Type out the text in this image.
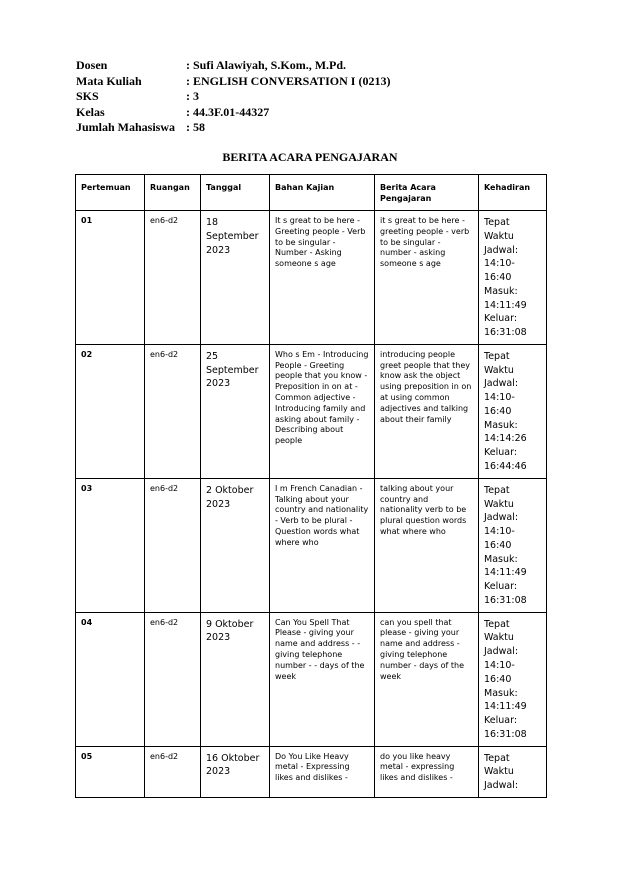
Dosen	: Sufi Alawiyah, S.Kom., M.Pd.
Mata Kuliah	: ENGLISH CONVERSATION I (0213)
SKS	: 3
Kelas	: 44.3F.01-44327
Jumlah Mahasiswa : 58
BERITA ACARA PENGAJARAN
Pertemuan	Ruangan	Tanggal	Bahan Kajian	Berita Acara Pengajaran	Kehadiran
01	en6-d2	18 September 2023	It s great to be here - Greeting people - Verb to be singular - Number - Asking someone s age	it s great to be here - greeting people - verb to be singular - number - asking someone s age	Tepat Waktu Jadwal: 14:10-16:40 Masuk: 14:11:49 Keluar: 16:31:08
02	en6-d2	25 September 2023	Who s Em - Introducing People - Greeting people that you know - Preposition in on at - Common adjective - Introducing family and asking about family - Describing about people	introducing people greet people that they know ask the object using preposition in on at using common adjectives and talking about their family	Tepat Waktu Jadwal: 14:10-16:40 Masuk: 14:14:26 Keluar: 16:44:46
03	en6-d2	2 Oktober 2023	I m French Canadian - Talking about your country and nationality - Verb to be plural - Question words what where who	talking about your country and nationality verb to be plural question words what where who	Tepat Waktu Jadwal: 14:10-16:40 Masuk: 14:11:49 Keluar: 16:31:08
04	en6-d2	9 Oktober 2023	Can You Spell That Please - giving your name and address - - giving telephone number - - days of the week	can you spell that please - giving your name and address - giving telephone number - days of the week	Tepat Waktu Jadwal: 14:10-16:40 Masuk: 14:11:49 Keluar: 16:31:08
05	en6-d2	16 Oktober 2023	Do You Like Heavy metal - Expressing likes and dislikes -	do you like heavy metal - expressing likes and dislikes -	Tepat Waktu Jadwal:
